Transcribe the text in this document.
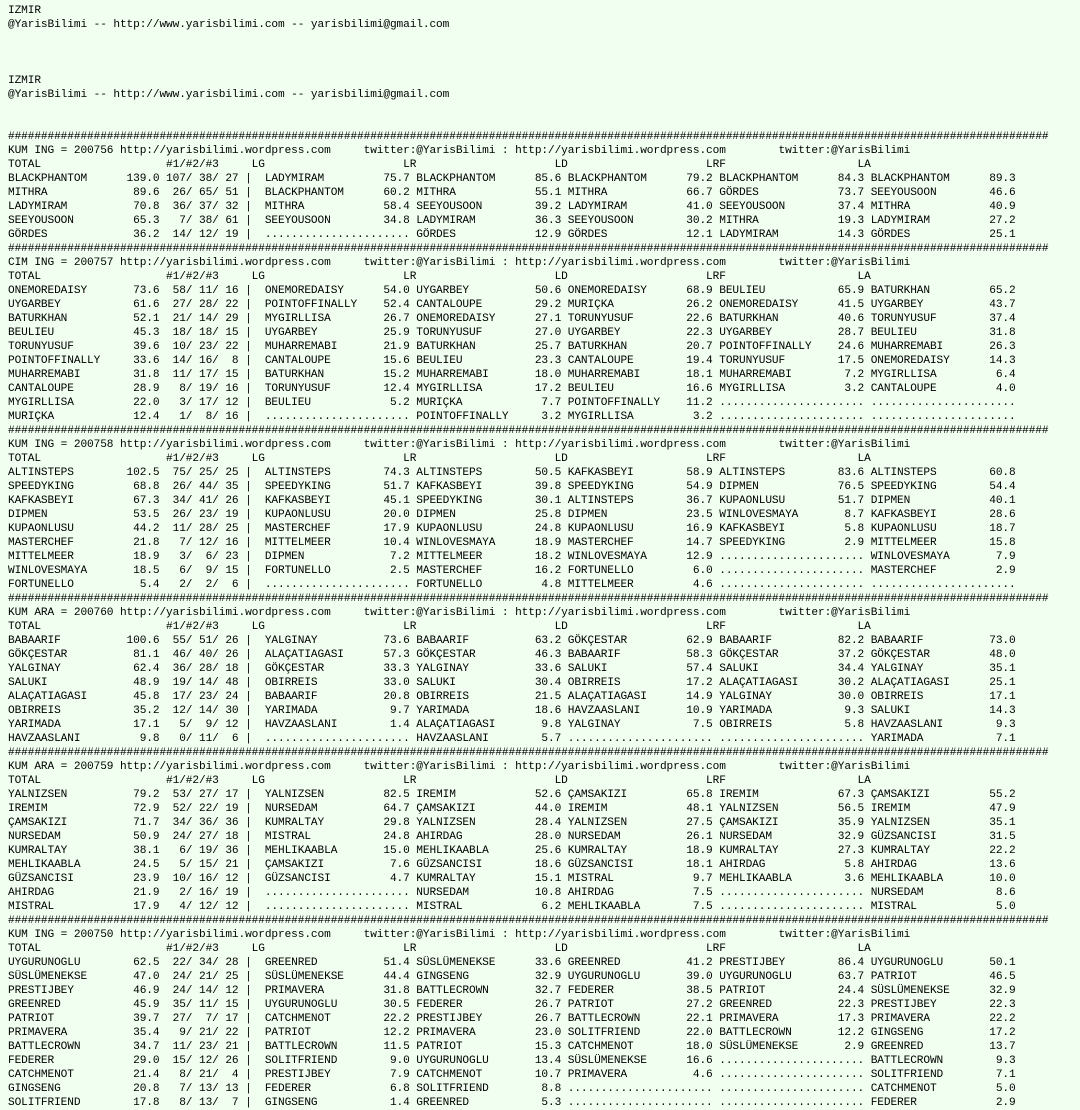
IZMIR
@YarisBilimi -- http://www.yarisbilimi.com -- yarisbilimi@gmail.com

IZMIR
@YarisBilimi -- http://www.yarisbilimi.com -- yarisbilimi@gmail.com

##############################################################################################################################################################
KUM ING = 200756 http://yarisbilimi.wordpress.com     twitter:@YarisBilimi : http://yarisbilimi.wordpress.com        twitter:@YarisBilimi
TOTAL                   #1/#2/#3     LG                     LR                     LD                     LRF                    LA
BLACKPHANTOM      139.0 107/ 38/ 27 |  LADYMIRAM         75.7 BLACKPHANTOM      85.6 BLACKPHANTOM      79.2 BLACKPHANTOM      84.3 BLACKPHANTOM      89.3
MITHRA             89.6  26/ 65/ 51 |  BLACKPHANTOM      60.2 MITHRA            55.1 MITHRA            66.7 GÖRDES            73.7 SEEYOUSOON        46.6
LADYMIRAM          70.8  36/ 37/ 32 |  MITHRA            58.4 SEEYOUSOON        39.2 LADYMIRAM         41.0 SEEYOUSOON        37.4 MITHRA            40.9
SEEYOUSOON         65.3   7/ 38/ 61 |  SEEYOUSOON        34.8 LADYMIRAM         36.3 SEEYOUSOON        30.2 MITHRA            19.3 LADYMIRAM         27.2
GÖRDES             36.2  14/ 12/ 19 |  ...................... GÖRDES            12.9 GÖRDES            12.1 LADYMIRAM         14.3 GÖRDES            25.1
##############################################################################################################################################################
CIM ING = 200757 http://yarisbilimi.wordpress.com     twitter:@YarisBilimi : http://yarisbilimi.wordpress.com        twitter:@YarisBilimi
TOTAL                   #1/#2/#3     LG                     LR                     LD                     LRF                    LA
ONEMOREDAISY       73.6  58/ 11/ 16 |  ONEMOREDAISY      54.0 UYGARBEY          50.6 ONEMOREDAISY      68.9 BEULIEU           65.9 BATURKHAN         65.2
UYGARBEY           61.6  27/ 28/ 22 |  POINTOFFINALLY    52.4 CANTALOUPE        29.2 MURIÇKA           26.2 ONEMOREDAISY      41.5 UYGARBEY          43.7
BATURKHAN          52.1  21/ 14/ 29 |  MYGIRLLISA        26.7 ONEMOREDAISY      27.1 TORUNYUSUF        22.6 BATURKHAN         40.6 TORUNYUSUF        37.4
BEULIEU            45.3  18/ 18/ 15 |  UYGARBEY          25.9 TORUNYUSUF        27.0 UYGARBEY          22.3 UYGARBEY          28.7 BEULIEU           31.8
TORUNYUSUF         39.6  10/ 23/ 22 |  MUHARREMABI       21.9 BATURKHAN         25.7 BATURKHAN         20.7 POINTOFFINALLY    24.6 MUHARREMABI       26.3
POINTOFFINALLY     33.6  14/ 16/  8 |  CANTALOUPE        15.6 BEULIEU           23.3 CANTALOUPE        19.4 TORUNYUSUF        17.5 ONEMOREDAISY      14.3
MUHARREMABI        31.8  11/ 17/ 15 |  BATURKHAN         15.2 MUHARREMABI       18.0 MUHARREMABI       18.1 MUHARREMABI        7.2 MYGIRLLISA         6.4
CANTALOUPE         28.9   8/ 19/ 16 |  TORUNYUSUF        12.4 MYGIRLLISA        17.2 BEULIEU           16.6 MYGIRLLISA         3.2 CANTALOUPE         4.0
MYGIRLLISA         22.0   3/ 17/ 12 |  BEULIEU            5.2 MURIÇKA            7.7 POINTOFFINALLY    11.2 ...................... ......................
MURIÇKA            12.4   1/  8/ 16 |  ...................... POINTOFFINALLY     3.2 MYGIRLLISA         3.2 ...................... ......................
##############################################################################################################################################################
KUM ING = 200758 http://yarisbilimi.wordpress.com     twitter:@YarisBilimi : http://yarisbilimi.wordpress.com        twitter:@YarisBilimi
TOTAL                   #1/#2/#3     LG                     LR                     LD                     LRF                    LA
ALTINSTEPS        102.5  75/ 25/ 25 |  ALTINSTEPS        74.3 ALTINSTEPS        50.5 KAFKASBEYI        58.9 ALTINSTEPS        83.6 ALTINSTEPS        60.8
SPEEDYKING         68.8  26/ 44/ 35 |  SPEEDYKING        51.7 KAFKASBEYI        39.8 SPEEDYKING        54.9 DIPMEN            76.5 SPEEDYKING        54.4
KAFKASBEYI         67.3  34/ 41/ 26 |  KAFKASBEYI        45.1 SPEEDYKING        30.1 ALTINSTEPS        36.7 KUPAONLUSU        51.7 DIPMEN            40.1
DIPMEN             53.5  26/ 23/ 19 |  KUPAONLUSU        20.0 DIPMEN            25.8 DIPMEN            23.5 WINLOVESMAYA       8.7 KAFKASBEYI        28.6
KUPAONLUSU         44.2  11/ 28/ 25 |  MASTERCHEF        17.9 KUPAONLUSU        24.8 KUPAONLUSU        16.9 KAFKASBEYI         5.8 KUPAONLUSU        18.7
MASTERCHEF         21.8   7/ 12/ 16 |  MITTELMEER        10.4 WINLOVESMAYA      18.9 MASTERCHEF        14.7 SPEEDYKING         2.9 MITTELMEER        15.8
MITTELMEER         18.9   3/  6/ 23 |  DIPMEN             7.2 MITTELMEER        18.2 WINLOVESMAYA      12.9 ...................... WINLOVESMAYA       7.9
WINLOVESMAYA       18.5   6/  9/ 15 |  FORTUNELLO         2.5 MASTERCHEF        16.2 FORTUNELLO         6.0 ...................... MASTERCHEF         2.9
FORTUNELLO          5.4   2/  2/  6 |  ...................... FORTUNELLO         4.8 MITTELMEER         4.6 ...................... ......................
##############################################################################################################################################################
KUM ARA = 200760 http://yarisbilimi.wordpress.com     twitter:@YarisBilimi : http://yarisbilimi.wordpress.com        twitter:@YarisBilimi
TOTAL                   #1/#2/#3     LG                     LR                     LD                     LRF                    LA
BABAARIF          100.6  55/ 51/ 26 |  YALGINAY          73.6 BABAARIF          63.2 GÖKÇESTAR         62.9 BABAARIF          82.2 BABAARIF          73.0
GÖKÇESTAR          81.1  46/ 40/ 26 |  ALAÇATIAGASI      57.3 GÖKÇESTAR         46.3 BABAARIF          58.3 GÖKÇESTAR         37.2 GÖKÇESTAR         48.0
YALGINAY           62.4  36/ 28/ 18 |  GÖKÇESTAR         33.3 YALGINAY          33.6 SALUKI            57.4 SALUKI            34.4 YALGINAY          35.1
SALUKI             48.9  19/ 14/ 48 |  OBIRREIS          33.0 SALUKI            30.4 OBIRREIS          17.2 ALAÇATIAGASI      30.2 ALAÇATIAGASI      25.1
ALAÇATIAGASI       45.8  17/ 23/ 24 |  BABAARIF          20.8 OBIRREIS          21.5 ALAÇATIAGASI      14.9 YALGINAY          30.0 OBIRREIS          17.1
OBIRREIS           35.2  12/ 14/ 30 |  YARIMADA           9.7 YARIMADA          18.6 HAVZAASLANI       10.9 YARIMADA           9.3 SALUKI            14.3
YARIMADA           17.1   5/  9/ 12 |  HAVZAASLANI        1.4 ALAÇATIAGASI       9.8 YALGINAY           7.5 OBIRREIS           5.8 HAVZAASLANI        9.3
HAVZAASLANI         9.8   0/ 11/  6 |  ...................... HAVZAASLANI        5.7 ...................... ...................... YARIMADA           7.1
##############################################################################################################################################################
KUM ARA = 200759 http://yarisbilimi.wordpress.com     twitter:@YarisBilimi : http://yarisbilimi.wordpress.com        twitter:@YarisBilimi
TOTAL                   #1/#2/#3     LG                     LR                     LD                     LRF                    LA
YALNIZSEN          79.2  53/ 27/ 17 |  YALNIZSEN         82.5 IREMIM            52.6 ÇAMSAKIZI         65.8 IREMIM            67.3 ÇAMSAKIZI         55.2
IREMIM             72.9  52/ 22/ 19 |  NURSEDAM          64.7 ÇAMSAKIZI         44.0 IREMIM            48.1 YALNIZSEN         56.5 IREMIM            47.9
ÇAMSAKIZI          71.7  34/ 36/ 36 |  KUMRALTAY         29.8 YALNIZSEN         28.4 YALNIZSEN         27.5 ÇAMSAKIZI         35.9 YALNIZSEN         35.1
NURSEDAM           50.9  24/ 27/ 18 |  MISTRAL           24.8 AHIRDAG           28.0 NURSEDAM          26.1 NURSEDAM          32.9 GÜZSANCISI        31.5
KUMRALTAY          38.1   6/ 19/ 36 |  MEHLIKAABLA       15.0 MEHLIKAABLA       25.6 KUMRALTAY         18.9 KUMRALTAY         27.3 KUMRALTAY         22.2
MEHLIKAABLA        24.5   5/ 15/ 21 |  ÇAMSAKIZI          7.6 GÜZSANCISI        18.6 GÜZSANCISI        18.1 AHIRDAG            5.8 AHIRDAG           13.6
GÜZSANCISI         23.9  10/ 16/ 12 |  GÜZSANCISI         4.7 KUMRALTAY         15.1 MISTRAL            9.7 MEHLIKAABLA        3.6 MEHLIKAABLA       10.0
AHIRDAG            21.9   2/ 16/ 19 |  ...................... NURSEDAM          10.8 AHIRDAG            7.5 ...................... NURSEDAM           8.6
MISTRAL            17.9   4/ 12/ 12 |  ...................... MISTRAL            6.2 MEHLIKAABLA        7.5 ...................... MISTRAL            5.0
##############################################################################################################################################################
KUM ING = 200750 http://yarisbilimi.wordpress.com     twitter:@YarisBilimi : http://yarisbilimi.wordpress.com        twitter:@YarisBilimi
TOTAL                   #1/#2/#3     LG                     LR                     LD                     LRF                    LA
UYGURUNOGLU        62.5  22/ 34/ 28 |  GREENRED          51.4 SÜSLÜMENEKSE      33.6 GREENRED          41.2 PRESTIJBEY        86.4 UYGURUNOGLU       50.1
SÜSLÜMENEKSE       47.0  24/ 21/ 25 |  SÜSLÜMENEKSE      44.4 GINGSENG          32.9 UYGURUNOGLU       39.0 UYGURUNOGLU       63.7 PATRIOT           46.5
PRESTIJBEY         46.9  24/ 14/ 12 |  PRIMAVERA         31.8 BATTLECROWN       32.7 FEDERER           38.5 PATRIOT           24.4 SÜSLÜMENEKSE      32.9
GREENRED           45.9  35/ 11/ 15 |  UYGURUNOGLU       30.5 FEDERER           26.7 PATRIOT           27.2 GREENRED          22.3 PRESTIJBEY        22.3
PATRIOT            39.7  27/  7/ 17 |  CATCHMENOT        22.2 PRESTIJBEY        26.7 BATTLECROWN       22.1 PRIMAVERA         17.3 PRIMAVERA         22.2
PRIMAVERA          35.4   9/ 21/ 22 |  PATRIOT           12.2 PRIMAVERA         23.0 SOLITFRIEND       22.0 BATTLECROWN       12.2 GINGSENG          17.2
BATTLECROWN        34.7  11/ 23/ 21 |  BATTLECROWN       11.5 PATRIOT           15.3 CATCHMENOT        18.0 SÜSLÜMENEKSE       2.9 GREENRED          13.7
FEDERER            29.0  15/ 12/ 26 |  SOLITFRIEND        9.0 UYGURUNOGLU       13.4 SÜSLÜMENEKSE      16.6 ...................... BATTLECROWN        9.3
CATCHMENOT         21.4   8/ 21/  4 |  PRESTIJBEY         7.9 CATCHMENOT        10.7 PRIMAVERA          4.6 ...................... SOLITFRIEND        7.1
GINGSENG           20.8   7/ 13/ 13 |  FEDERER            6.8 SOLITFRIEND        8.8 ...................... ...................... CATCHMENOT         5.0
SOLITFRIEND        17.8   8/ 13/  7 |  GINGSENG           1.4 GREENRED           5.3 ...................... ...................... FEDERER            2.9
